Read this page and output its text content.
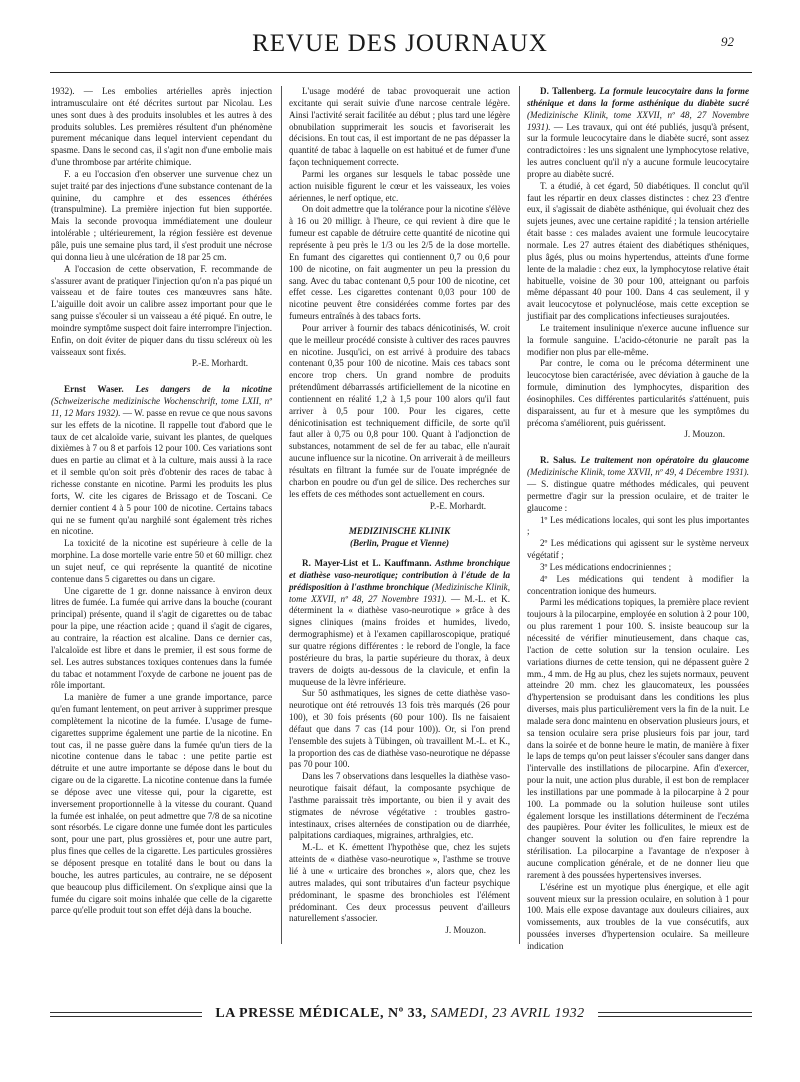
REVUE DES JOURNAUX	92

1932). — Les embolies artérielles après injection intramusculaire ont été décrites surtout par Nicolau. Les unes sont dues à des produits insolubles et les autres à des produits solubles. Les premières résultent d'un phénomène purement mécanique dans lequel intervient cependant du spasme. Dans le second cas, il s'agit non d'une embolie mais d'une thrombose par artérite chimique.

F. a eu l'occasion d'en observer une survenue chez un sujet traité par des injections d'une substance contenant de la quinine, du camphre et des essences éthérées (transpulmine). La première injection fut bien supportée. Mais la seconde provoqua immédiatement une douleur intolérable ; ultérieurement, la région fessière est devenue pâle, puis une semaine plus tard, il s'est produit une nécrose qui donna lieu à une ulcération de 18 par 25 cm.

A l'occasion de cette observation, F. recommande de s'assurer avant de pratiquer l'injection qu'on n'a pas piqué un vaisseau et de faire toutes ces manœuvres sans hâte. L'aiguille doit avoir un calibre assez important pour que le sang puisse s'écouler si un vaisseau a été piqué. En outre, le moindre symptôme suspect doit faire interrompre l'injection. Enfin, on doit éviter de piquer dans du tissu scléreux où les vaisseaux sont fixés.

P.-E. Morhardt.

Ernst Waser. Les dangers de la nicotine (Schweizerische medizinische Wochenschrift, tome LXII, nº 11, 12 Mars 1932). — W. passe en revue ce que nous savons sur les effets de la nicotine. Il rappelle tout d'abord que le taux de cet alcaloïde varie, suivant les plantes, de quelques dixièmes à 7 ou 8 et parfois 12 pour 100. Ces variations sont dues en partie au climat et à la culture, mais aussi à la race et il semble qu'on soit près d'obtenir des races de tabac à richesse constante en nicotine. Parmi les produits les plus forts, W. cite les cigares de Brissago et de Toscani. Ce dernier contient 4 à 5 pour 100 de nicotine. Certains tabacs qui ne se fument qu'au narghilé sont également très riches en nicotine.

La toxicité de la nicotine est supérieure à celle de la morphine. La dose mortelle varie entre 50 et 60 milligr. chez un sujet neuf, ce qui représente la quantité de nicotine contenue dans 5 cigarettes ou dans un cigare.

Une cigarette de 1 gr. donne naissance à environ deux litres de fumée. La fumée qui arrive dans la bouche (courant principal) présente, quand il s'agit de cigarettes ou de tabac pour la pipe, une réaction acide ; quand il s'agit de cigares, au contraire, la réaction est alcaline. Dans ce dernier cas, l'alcaloïde est libre et dans le premier, il est sous forme de sel. Les autres substances toxiques contenues dans la fumée du tabac et notamment l'oxyde de carbone ne jouent pas de rôle important.

La manière de fumer a une grande importance, parce qu'en fumant lentement, on peut arriver à supprimer presque complètement la nicotine de la fumée. L'usage de fume-cigarettes supprime également une partie de la nicotine. En tout cas, il ne passe guère dans la fumée qu'un tiers de la nicotine contenue dans le tabac : une petite partie est détruite et une autre importante se dépose dans le bout du cigare ou de la cigarette. La nicotine contenue dans la fumée se dépose avec une vitesse qui, pour la cigarette, est inversement proportionnelle à la vitesse du courant. Quand la fumée est inhalée, on peut admettre que 7/8 de sa nicotine sont résorbés. Le cigare donne une fumée dont les particules sont, pour une part, plus grossières et, pour une autre part, plus fines que celles de la cigarette. Les particules grossières se déposent presque en totalité dans le bout ou dans la bouche, les autres particules, au contraire, ne se déposent que beaucoup plus difficilement. On s'explique ainsi que la fumée du cigare soit moins inhalée que celle de la cigarette parce qu'elle produit tout son effet déjà dans la bouche.

L'usage modéré de tabac provoquerait une action excitante qui serait suivie d'une narcose centrale légère. Ainsi l'activité serait facilitée au début ; plus tard une légère obnubilation supprimerait les soucis et favoriserait les décisions. En tout cas, il est important de ne pas dépasser la quantité de tabac à laquelle on est habitué et de fumer d'une façon techniquement correcte.

Parmi les organes sur lesquels le tabac possède une action nuisible figurent le cœur et les vaisseaux, les voies aériennes, le nerf optique, etc.

On doit admettre que la tolérance pour la nicotine s'élève à 16 ou 20 milligr. à l'heure, ce qui revient à dire que le fumeur est capable de détruire cette quantité de nicotine qui représente à peu près le 1/3 ou les 2/5 de la dose mortelle. En fumant des cigarettes qui contiennent 0,7 ou 0,6 pour 100 de nicotine, on fait augmenter un peu la pression du sang. Avec du tabac contenant 0,5 pour 100 de nicotine, cet effet cesse. Les cigarettes contenant 0,03 pour 100 de nicotine peuvent être considérées comme fortes par des fumeurs entraînés à des tabacs forts.

Pour arriver à fournir des tabacs dénicotinisés, W. croit que le meilleur procédé consiste à cultiver des races pauvres en nicotine. Jusqu'ici, on est arrivé à produire des tabacs contenant 0,35 pour 100 de nicotine. Mais ces tabacs sont encore trop chers. Un grand nombre de produits prétendûment débarrassés artificiellement de la nicotine en contiennent en réalité 1,2 à 1,5 pour 100 alors qu'il faut arriver à 0,5 pour 100. Pour les cigares, cette dénicotinisation est techniquement difficile, de sorte qu'il faut aller à 0,75 ou 0,8 pour 100. Quant à l'adjonction de substances, notamment de sel de fer au tabac, elle n'aurait aucune influence sur la nicotine. On arriverait à de meilleurs résultats en filtrant la fumée sur de l'ouate imprégnée de charbon en poudre ou d'un gel de silice. Des recherches sur les effets de ces méthodes sont actuellement en cours.

P.-E. Morhardt.
MEDIZINISCHE KLINIK
(Berlin, Prague et Vienne)

R. Mayer-List et L. Kauffmann. Asthme bronchique et diathèse vaso-neurotique; contribution à l'étude de la prédisposition à l'asthme bronchique (Medizinische Klinik, tome XXVII, nº 48, 27 Novembre 1931). — M.-L. et K. déterminent la « diathèse vaso-neurotique » grâce à des signes cliniques (mains froides et humides, livedo, dermographisme) et à l'examen capillaroscopique, pratiqué sur quatre régions différentes : le rebord de l'ongle, la face postérieure du bras, la partie supérieure du thorax, à deux travers de doigts au-dessous de la clavicule, et enfin la muqueuse de la lèvre inférieure.

Sur 50 asthmatiques, les signes de cette diathèse vaso-neurotique ont été retrouvés 13 fois très marqués (26 pour 100), et 30 fois présents (60 pour 100). Ils ne faisaient défaut que dans 7 cas (14 pour 100)). Or, si l'on prend l'ensemble des sujets à Tübingen, où travaillent M.-L. et K., la proportion des cas de diathèse vaso-neurotique ne dépasse pas 70 pour 100.

Dans les 7 observations dans lesquelles la diathèse vaso-neurotique faisait défaut, la composante psychique de l'asthme paraissait très importante, ou bien il y avait des stigmates de névrose végétative : troubles gastro-intestinaux, crises alternées de constipation ou de diarrhée, palpitations cardiaques, migraines, arthralgies, etc.

M.-L. et K. émettent l'hypothèse que, chez les sujets atteints de « diathèse vaso-neurotique », l'asthme se trouve lié à une « urticaire des bronches », alors que, chez les autres malades, qui sont tributaires d'un facteur psychique prédominant, le spasme des bronchioles est l'élément prédominant. Ces deux processus peuvent d'ailleurs naturellement s'associer.

J. Mouzon.

D. Tallenberg. La formule leucocytaire dans la forme sthénique et dans la forme asthénique du diabète sucré (Medizinische Klinik, tome XXVII, nº 48, 27 Novembre 1931). — Les travaux, qui ont été publiés, jusqu'à présent, sur la formule leucocytaire dans le diabète sucré, sont assez contradictoires : les uns signalent une lymphocytose relative, les autres concluent qu'il n'y a aucune formule leucocytaire propre au diabète sucré.

T. a étudié, à cet égard, 50 diabétiques. Il conclut qu'il faut les répartir en deux classes distinctes : chez 23 d'entre eux, il s'agissait de diabète asthénique, qui évoluait chez des sujets jeunes, avec une certaine rapidité ; la tension artérielle était basse : ces malades avaient une formule leucocytaire normale. Les 27 autres étaient des diabétiques sthéniques, plus âgés, plus ou moins hypertendus, atteints d'une forme lente de la maladie : chez eux, la lymphocytose relative était habituelle, voisine de 30 pour 100, atteignant ou parfois même dépassant 40 pour 100. Dans 4 cas seulement, il y avait leucocytose et polynucléose, mais cette exception se justifiait par des complications infectieuses surajoutées.

Le traitement insulinique n'exerce aucune influence sur la formule sanguine. L'acido-cétonurie ne paraît pas la modifier non plus par elle-même.

Par contre, le coma ou le précoma déterminent une leucocytose bien caractérisée, avec déviation à gauche de la formule, diminution des lymphocytes, disparition des éosinophiles. Ces différentes particularités s'atténuent, puis disparaissent, au fur et à mesure que les symptômes du précoma s'améliorent, puis guérissent.

J. Mouzon.

R. Salus. Le traitement non opératoire du glaucome (Medizinische Klinik, tome XXVII, nº 49, 4 Décembre 1931). — S. distingue quatre méthodes médicales, qui peuvent permettre d'agir sur la pression oculaire, et de traiter le glaucome :

1º Les médications locales, qui sont les plus importantes ;

2º Les médications qui agissent sur le système nerveux végétatif ;

3º Les médications endocriniennes ;

4º Les médications qui tendent à modifier la concentration ionique des humeurs.

Parmi les médications topiques, la première place revient toujours à la pilocarpine, employée en solution à 2 pour 100, ou plus rarement 1 pour 100. S. insiste beaucoup sur la nécessité de vérifier minutieusement, dans chaque cas, l'action de cette solution sur la tension oculaire. Les variations diurnes de cette tension, qui ne dépassent guère 2 mm., 4 mm. de Hg au plus, chez les sujets normaux, peuvent atteindre 20 mm. chez les glaucomateux, les poussées d'hypertension se produisant dans les conditions les plus diverses, mais plus particulièrement vers la fin de la nuit. Le malade sera donc maintenu en observation plusieurs jours, et sa tension oculaire sera prise plusieurs fois par jour, tard dans la soirée et de bonne heure le matin, de manière à fixer le laps de temps qu'on peut laisser s'écouler sans danger dans l'intervalle des instillations de pilocarpine. Afin d'exercer, pour la nuit, une action plus durable, il est bon de remplacer les instillations par une pommade à la pilocarpine à 2 pour 100. La pommade ou la solution huileuse sont utiles également lorsque les instillations déterminent de l'eczéma des paupières. Pour éviter les folliculites, le mieux est de changer souvent la solution ou d'en faire reprendre la stérilisation. La pilocarpine a l'avantage de n'exposer à aucune complication générale, et de ne donner lieu que rarement à des poussées hypertensives inverses.

L'ésérine est un myotique plus énergique, et elle agit souvent mieux sur la pression oculaire, en solution à 1 pour 100. Mais elle expose davantage aux douleurs ciliaires, aux vomissements, aux troubles de la vue consécutifs, aux poussées inverses d'hypertension oculaire. Sa meilleure indication

LA PRESSE MÉDICALE, Nº 33, SAMEDI, 23 AVRIL 1932
